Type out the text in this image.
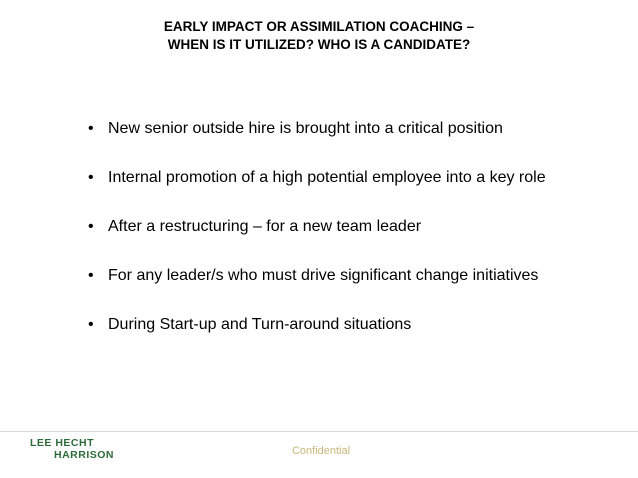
EARLY IMPACT OR ASSIMILATION COACHING –
WHEN IS IT UTILIZED? WHO IS A CANDIDATE?
• New senior outside hire is brought into a critical position
• Internal promotion of a high potential employee into a key role
• After a restructuring – for a new team leader
• For any leader/s who must drive significant change initiatives
• During Start-up and Turn-around situations
LEE HECHT
HARRISON	Confidential
